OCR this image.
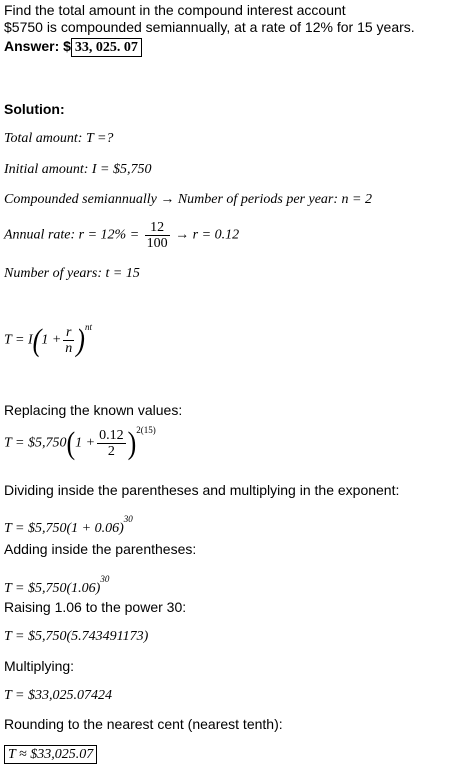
Find the total amount in the compound interest account
$5750 is compounded semiannually, at a rate of 12% for 15 years.
Answer: $ 33, 025. 07
Solution:
Total amount: T =?
Initial amount: I = $5,750
Compounded semiannually → Number of periods per year: n = 2
Annual rate: $r = 12\% = \frac{12}{100} \to r = 0.12$
Number of years: t = 15
$T = I(1 + \frac{r}{n} )^{nt}$
Replacing the known values:
T = $5,750(1 + $\frac{0.12}{2} )^{2(15)}$
Dividing inside the parentheses and multiplying in the exponent:
T = $5,750(1 + 0.06)$^{30}$
Adding inside the parentheses:
$T = \$5,750(1.06)^{30}$
Raising 1.06 to the power 30:
T = $5,750(5.743491173)
Multiplying:
T = $33,025.07424
Rounding to the nearest cent (nearest tenth):
T ≈ $33,025.07
